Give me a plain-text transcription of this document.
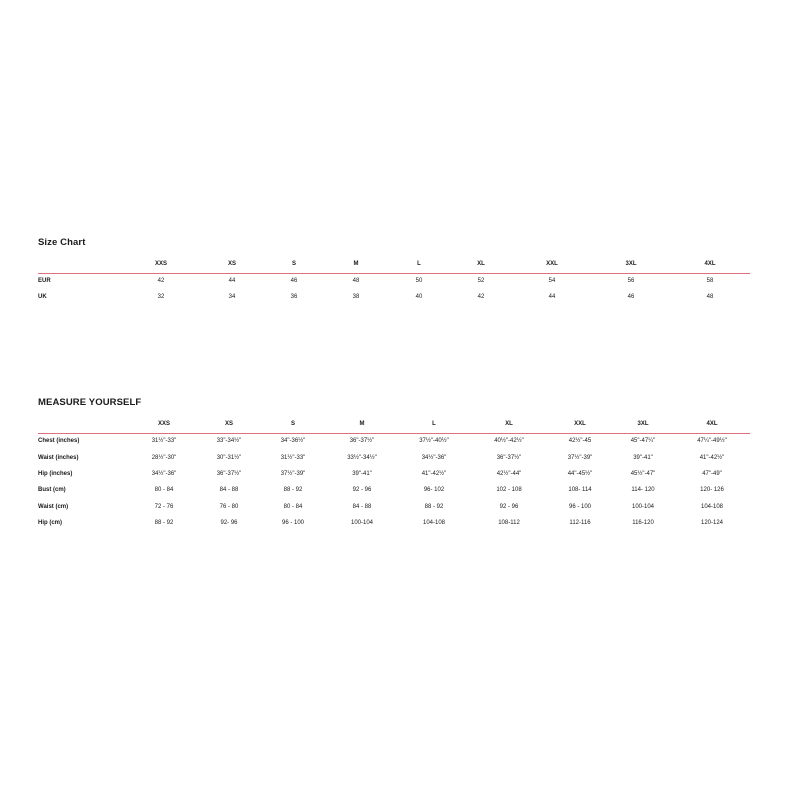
Size Chart
	XXS	XS	S	M	L	XL	XXL	3XL	4XL
EUR	42	44	46	48	50	52	54	56	58
UK	32	34	36	38	40	42	44	46	48
MEASURE YOURSELF
	XXS	XS	S	M	L	XL	XXL	3XL	4XL
Chest (inches)	31½"-33"	33"-34½"	34"-36½"	36"-37½"	37½"-40½"	40½"-42½"	42½"-45	45"-47¼"	47¼"-49½"
Waist (inches)	28½"-30"	30"-31½"	31½"-33"	33½"-34½"	34½"-36"	36"-37½"	37½"-39"	39"-41"	41"-42½"
Hip (inches)	34½"-36"	36"-37½"	37½"-39"	39"-41"	41"-42½"	42½"-44"	44"-45½"	45½"-47"	47"-49"
Bust (cm)	80 - 84	84 - 88	88 - 92	92 - 96	96- 102	102 - 108	108- 114	114- 120	120- 126
Waist (cm)	72 - 76	76 - 80	80 - 84	84 - 88	88 - 92	92 - 96	96 - 100	100-104	104-108
Hip (cm)	88 - 92	92- 96	96 - 100	100-104	104-108	108-112	112-116	116-120	120-124
